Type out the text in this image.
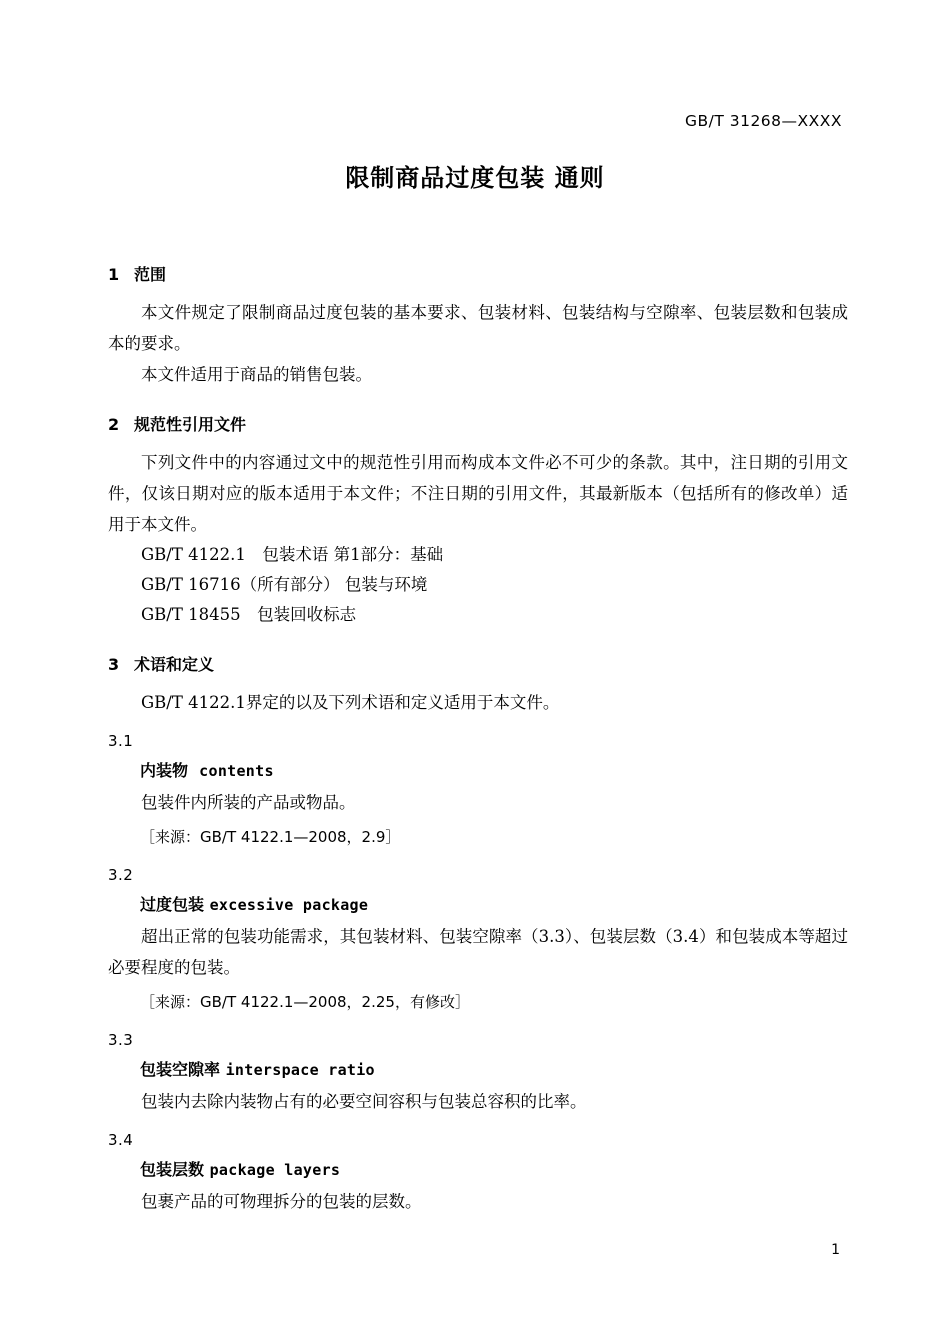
GB/T 31268—XXXX
限制商品过度包装 通则
1 范围

本文件规定了限制商品过度包装的基本要求、包装材料、包装结构与空隙率、包装层数和包装成本的要求。

本文件适用于商品的销售包装。

2 规范性引用文件

下列文件中的内容通过文中的规范性引用而构成本文件必不可少的条款。其中，注日期的引用文件，仅该日期对应的版本适用于本文件；不注日期的引用文件，其最新版本（包括所有的修改单）适用于本文件。

GB/T 4122.1　包装术语 第1部分：基础

GB/T 16716（所有部分） 包装与环境

GB/T 18455　包装回收标志

3 术语和定义

GB/T 4122.1界定的以及下列术语和定义适用于本文件。

3.1
内装物 contents

包装件内所装的产品或物品。

［来源：GB/T 4122.1—2008，2.9］

3.2
过度包装 excessive package

超出正常的包装功能需求，其包装材料、包装空隙率（3.3）、包装层数（3.4）和包装成本等超过必要程度的包装。

［来源：GB/T 4122.1—2008，2.25，有修改］

3.3
包装空隙率 interspace ratio

包装内去除内装物占有的必要空间容积与包装总容积的比率。

3.4
包装层数 package layers

包裹产品的可物理拆分的包装的层数。

1
